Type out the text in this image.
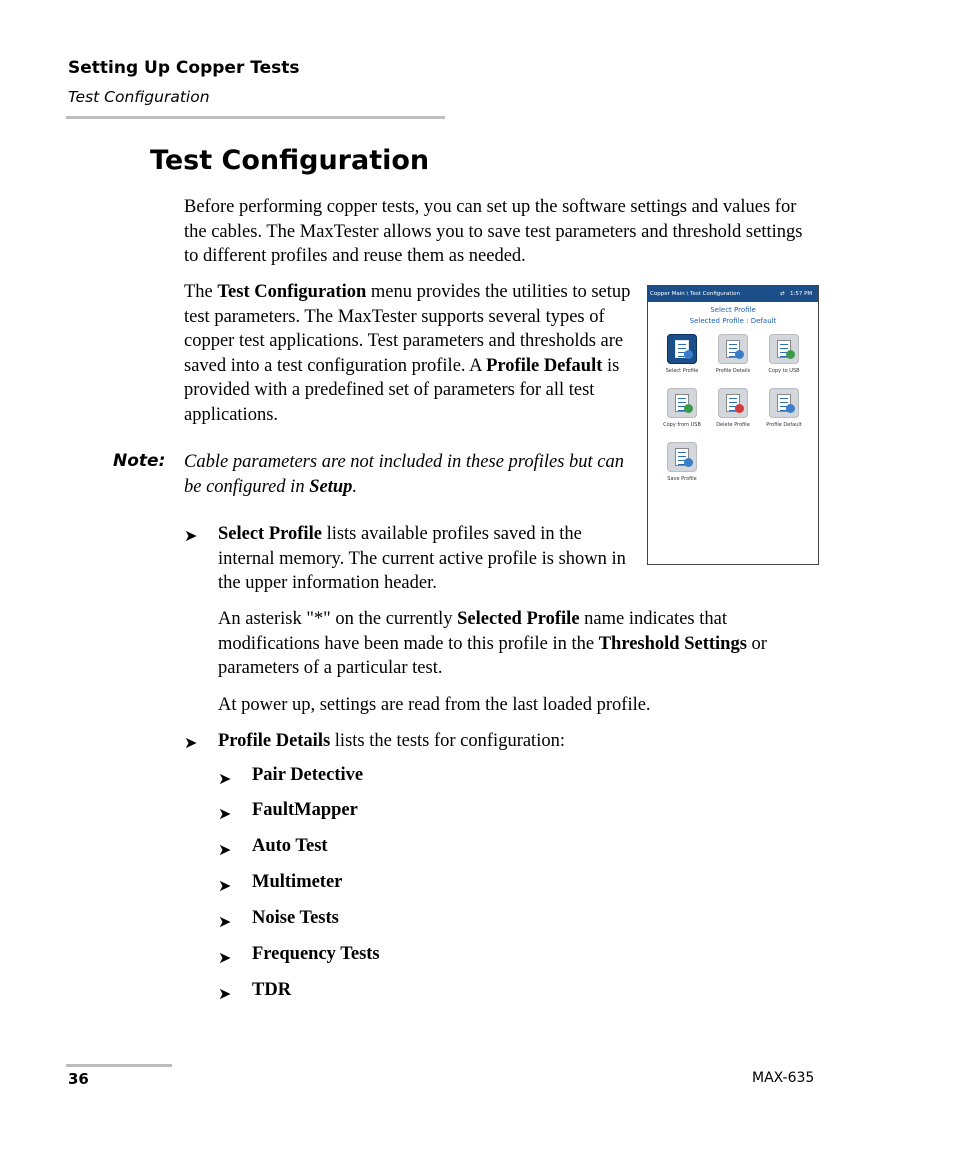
Setting Up Copper Tests
Test Configuration
Test Configuration

Before performing copper tests, you can set up the software settings and values for the cables. The MaxTester allows you to save test parameters and threshold settings to different profiles and reuse them as needed.

The Test Configuration menu provides the utilities to setup test parameters. The MaxTester supports several types of copper test applications. Test parameters and thresholds are saved into a test configuration profile. A Profile Default is provided with a predefined set of parameters for all test applications.

Note: Cable parameters are not included in these profiles but can be configured in Setup.
➤ Select Profile lists available profiles saved in the internal memory. The current active profile is shown in the upper information header.

An asterisk "*" on the currently Selected Profile name indicates that modifications have been made to this profile in the Threshold Settings or parameters of a particular test.

At power up, settings are read from the last loaded profile.

➤ Profile Details lists the tests for configuration:

➤ Pair Detective
➤ FaultMapper
➤ Auto Test
➤ Multimeter
➤ Noise Tests
➤ Frequency Tests
➤ TDR
Copper Main \ Test Configuration	⇄ 1:57 PM
Select Profile
Selected Profile : Default
Select Profile	Profile Details	Copy to USB
Copy from USB	Delete Profile	Profile Default
Save Profile
36	MAX-635
